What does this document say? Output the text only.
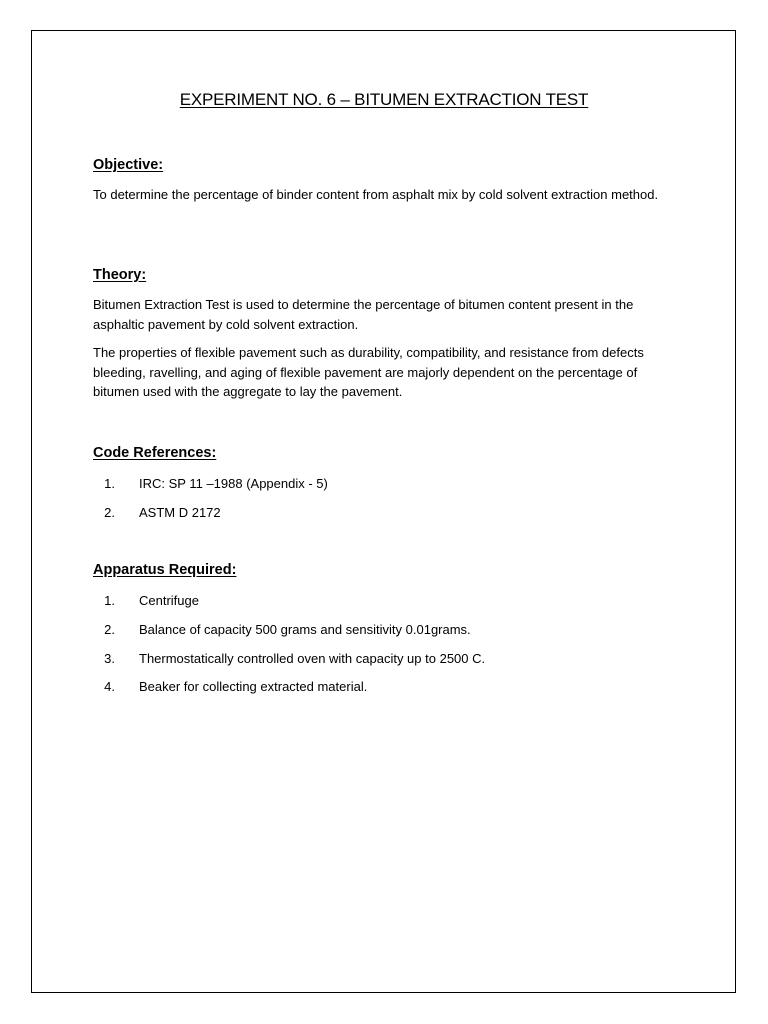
EXPERIMENT NO. 6 – BITUMEN EXTRACTION TEST
Objective:

To determine the percentage of binder content from asphalt mix by cold solvent extraction method.

Theory:

Bitumen Extraction Test is used to determine the percentage of bitumen content present in the asphaltic pavement by cold solvent extraction.

The properties of flexible pavement such as durability, compatibility, and resistance from defects bleeding, ravelling, and aging of flexible pavement are majorly dependent on the percentage of bitumen used with the aggregate to lay the pavement.

Code References:
1. IRC: SP 11 –1988 (Appendix - 5)
2. ASTM D 2172
Apparatus Required:
1. Centrifuge
2. Balance of capacity 500 grams and sensitivity 0.01grams.
3. Thermostatically controlled oven with capacity up to 2500 C.
4. Beaker for collecting extracted material.
